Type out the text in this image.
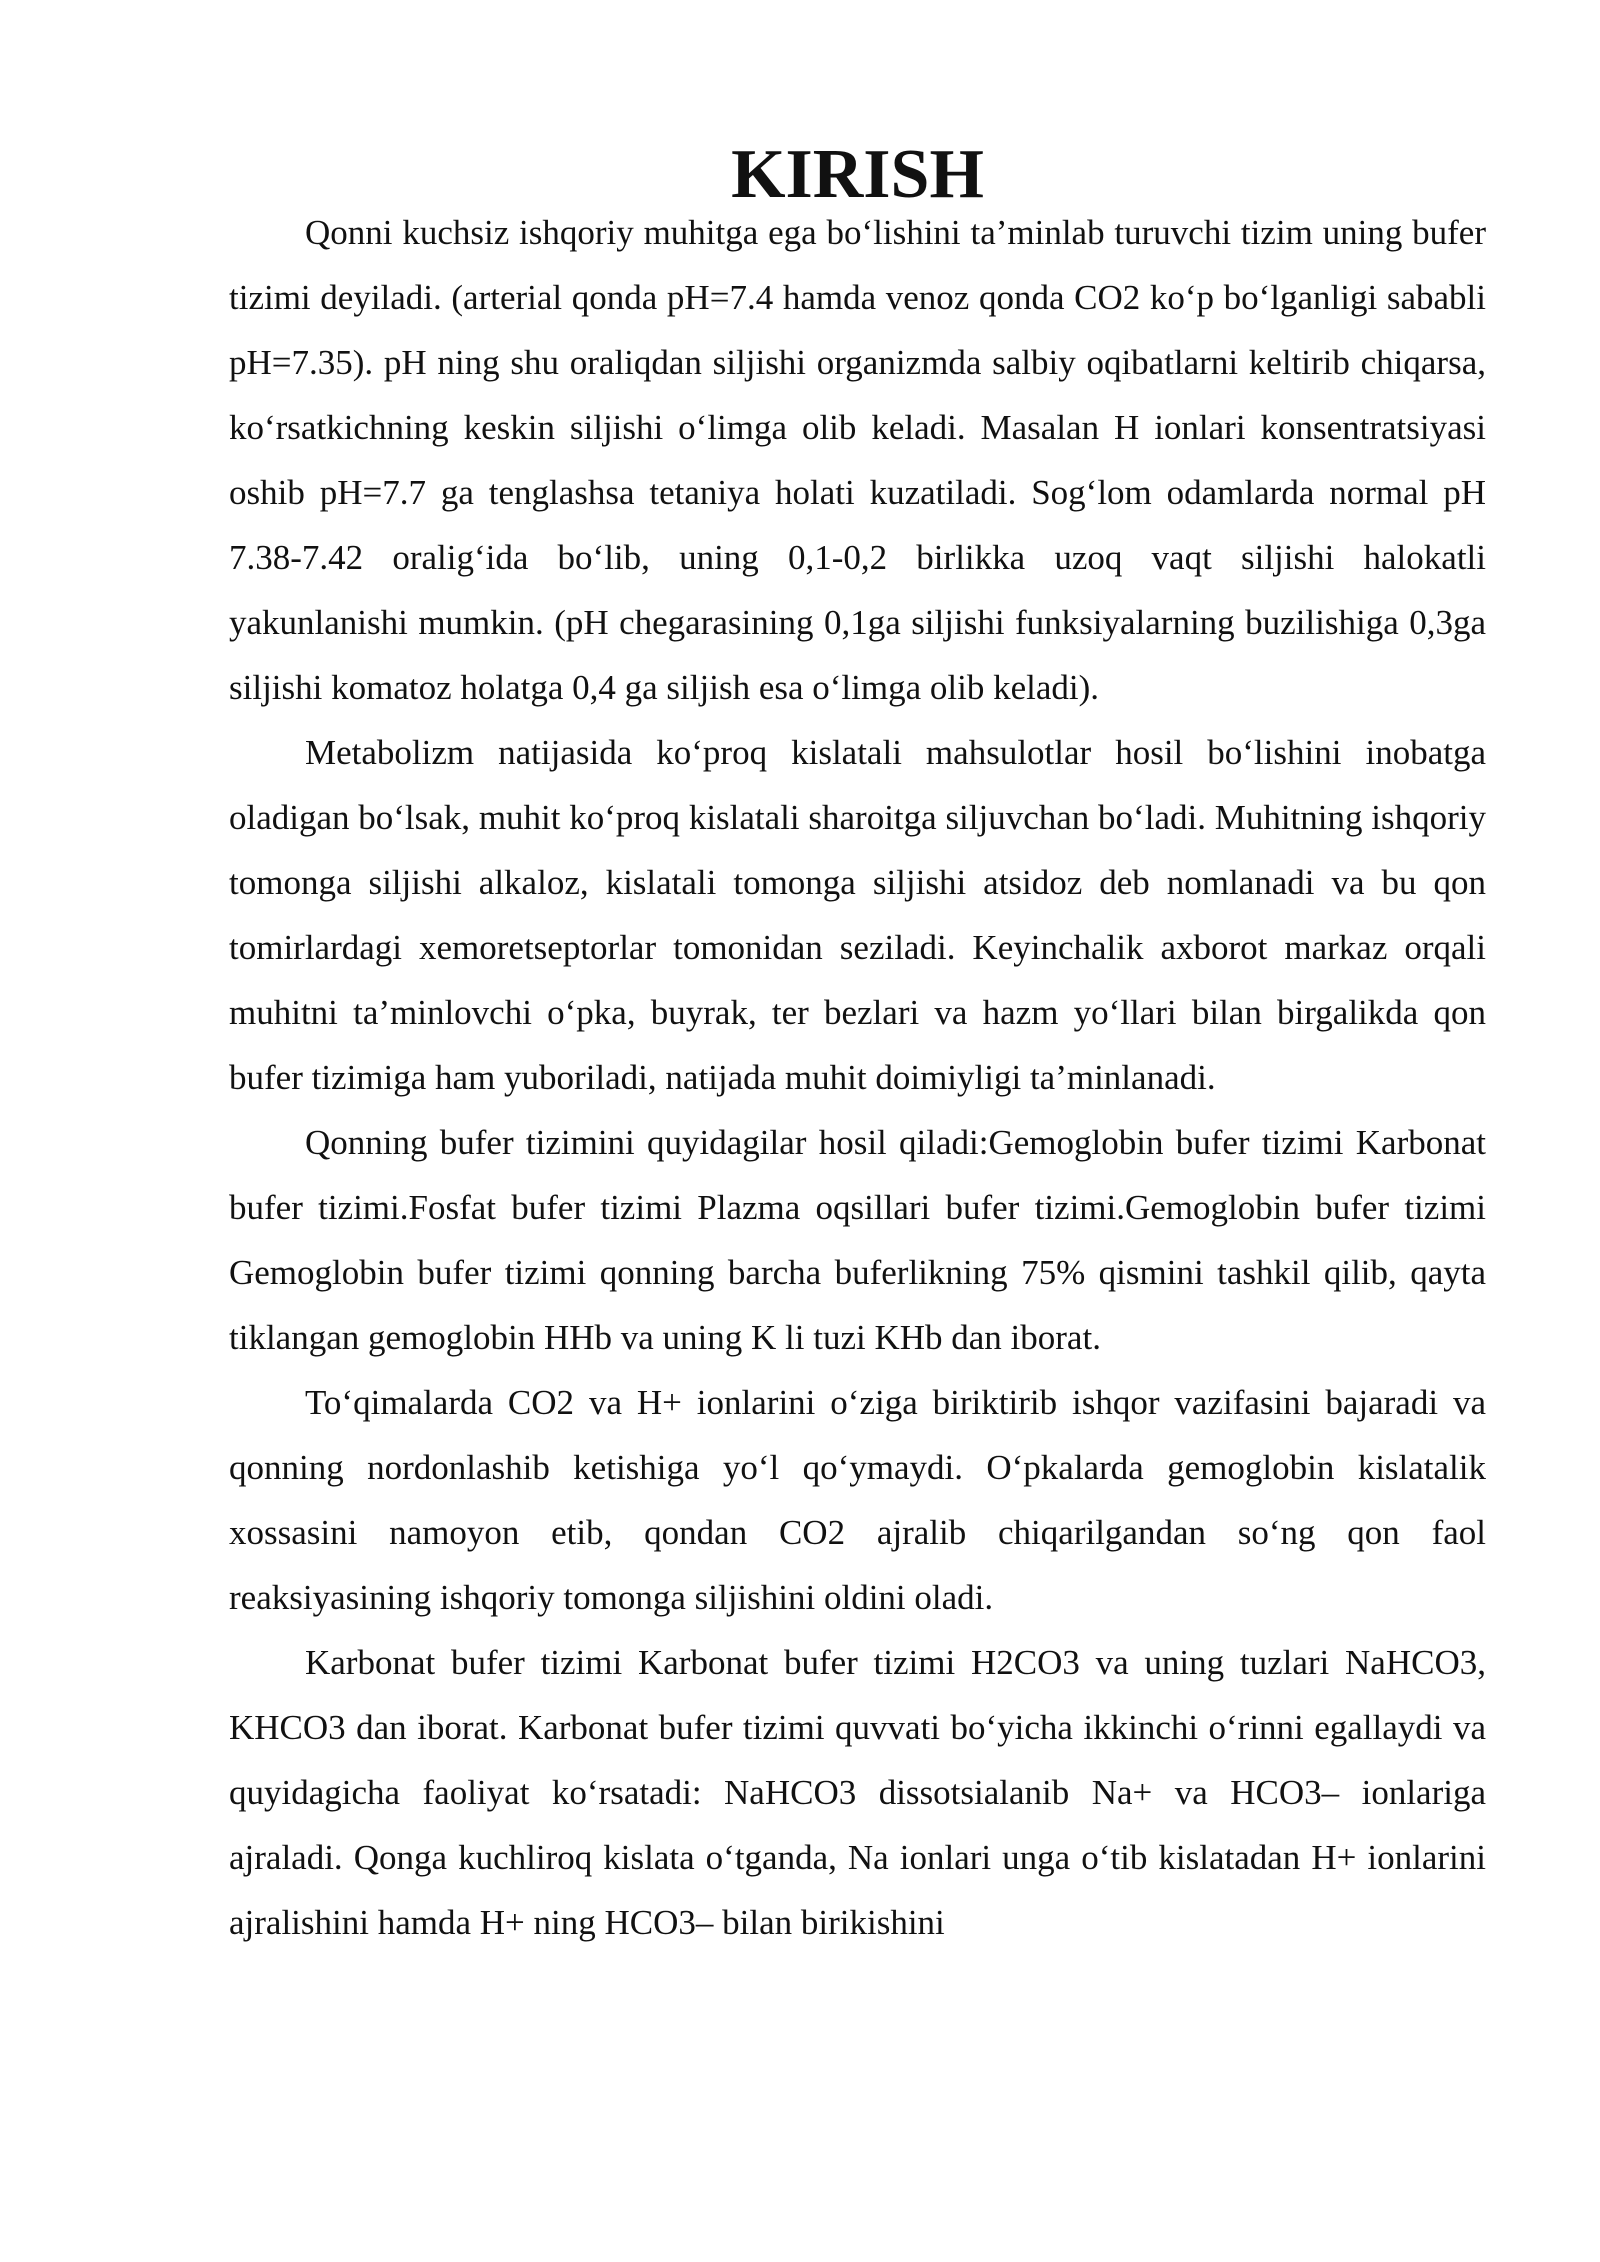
KIRISH

Qonni kuchsiz ishqoriy muhitga ega bo‘lishini ta’minlab turuvchi tizim uning bufer tizimi deyiladi. (arterial qonda pH=7.4 hamda venoz qonda CO2 ko‘p bo‘lganligi sababli pH=7.35). pH ning shu oraliqdan siljishi organizmda salbiy oqibatlarni keltirib chiqarsa, ko‘rsatkichning keskin siljishi o‘limga olib keladi. Masalan H ionlari konsentratsiyasi oshib pH=7.7 ga tenglashsa tetaniya holati kuzatiladi. Sog‘lom odamlarda normal pH 7.38-7.42 oralig‘ida bo‘lib, uning 0,1-0,2 birlikka uzoq vaqt siljishi halokatli yakunlanishi mumkin. (pH chegarasining 0,1ga siljishi funksiyalarning buzilishiga 0,3ga siljishi komatoz holatga 0,4 ga siljish esa o‘limga olib keladi).

Metabolizm natijasida ko‘proq kislatali mahsulotlar hosil bo‘lishini inobatga oladigan bo‘lsak, muhit ko‘proq kislatali sharoitga siljuvchan bo‘ladi. Muhitning ishqoriy tomonga siljishi alkaloz, kislatali tomonga siljishi atsidoz deb nomlanadi va bu qon tomirlardagi xemoretseptorlar tomonidan seziladi. Keyinchalik axborot markaz orqali muhitni ta’minlovchi o‘pka, buyrak, ter bezlari va hazm yo‘llari bilan birgalikda qon bufer tizimiga ham yuboriladi, natijada muhit doimiyligi ta’minlanadi.

Qonning bufer tizimini quyidagilar hosil qiladi:Gemoglobin bufer tizimi Karbonat bufer tizimi.Fosfat bufer tizimi Plazma oqsillari bufer tizimi.Gemoglobin bufer tizimi Gemoglobin bufer tizimi qonning barcha buferlikning 75% qismini tashkil qilib, qayta tiklangan gemoglobin HHb va uning K li tuzi KHb dan iborat.

To‘qimalarda CO2 va H+ ionlarini o‘ziga biriktirib ishqor vazifasini bajaradi va qonning nordonlashib ketishiga yo‘l qo‘ymaydi. O‘pkalarda gemoglobin kislatalik xossasini namoyon etib, qondan CO2 ajralib chiqarilgandan so‘ng qon faol reaksiyasining ishqoriy tomonga siljishini oldini oladi.

Karbonat bufer tizimi Karbonat bufer tizimi H2CO3 va uning tuzlari NaHCO3, KHCO3 dan iborat. Karbonat bufer tizimi quvvati bo‘yicha ikkinchi o‘rinni egallaydi va quyidagicha faoliyat ko‘rsatadi: NaHCO3 dissotsialanib Na+ va HCO3– ionlariga ajraladi. Qonga kuchliroq kislata o‘tganda, Na ionlari unga o‘tib kislatadan H+ ionlarini ajralishini hamda H+ ning HCO3– bilan birikishini
